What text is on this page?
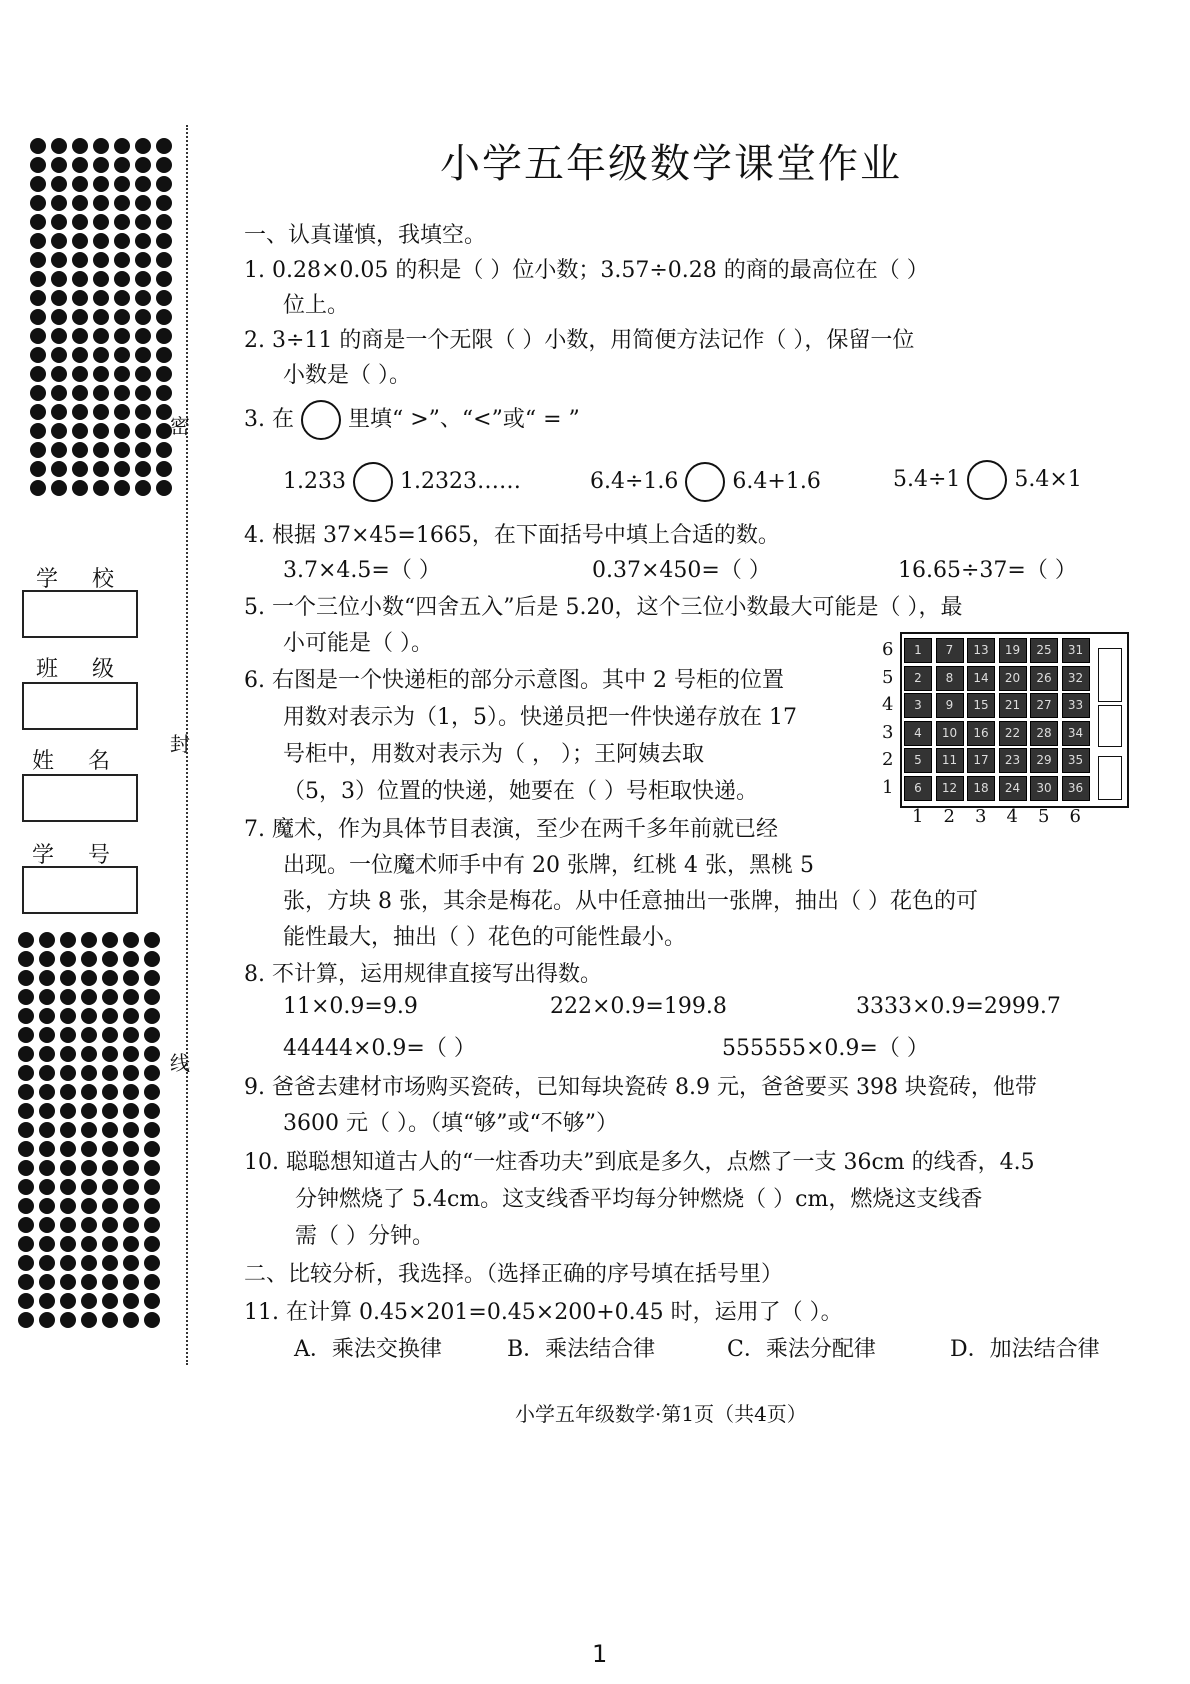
密
封
线
学校
班级
姓名
学号
小学五年级数学课堂作业
一、认真谨慎，我填空。
1. 0.28×0.05 的积是（ ）位小数；3.57÷0.28 的商的最高位在（ ）
位上。
2. 3÷11 的商是一个无限（ ）小数，用简便方法记作（ ），保留一位
小数是（ ）。
3. 在 里填“ >”、“<”或“ = ”
1.233 1.2323……	6.4÷1.6 6.4+1.6	5.4÷1 5.4×1
4. 根据 37×45=1665，在下面括号中填上合适的数。
3.7×4.5=（ ）	0.37×450=（ ）	16.65÷37=（ ）
5. 一个三位小数“四舍五入”后是 5.20，这个三位小数最大可能是（ ），最
小可能是（ ）。
6. 右图是一个快递柜的部分示意图。其中 2 号柜的位置
用数对表示为（1，5）。快递员把一件快递存放在 17
号柜中，用数对表示为（ ， ）；王阿姨去取
（5，3）位置的快递，她要在（ ）号柜取快递。
6	1	7	13	19	25	31
5	2	8	14	20	26	32
4	3	9	15	21	27	33
3	4	10	16	22	28	34
2	5	11	17	23	29	35
1	6	12	18	24	30	36
1 2 3 4 5 6
7. 魔术，作为具体节目表演，至少在两千多年前就已经
出现。一位魔术师手中有 20 张牌，红桃 4 张，黑桃 5
张，方块 8 张，其余是梅花。从中任意抽出一张牌，抽出（ ）花色的可
能性最大，抽出（ ）花色的可能性最小。
8. 不计算，运用规律直接写出得数。
11×0.9=9.9	222×0.9=199.8	3333×0.9=2999.7
44444×0.9=（ ）	555555×0.9=（ ）
9. 爸爸去建材市场购买瓷砖，已知每块瓷砖 8.9 元，爸爸要买 398 块瓷砖，他带
3600 元（ ）。（填“够”或“不够”）
10. 聪聪想知道古人的“一炷香功夫”到底是多久，点燃了一支 36cm 的线香，4.5
分钟燃烧了 5.4cm。这支线香平均每分钟燃烧（ ）cm，燃烧这支线香
需（ ）分钟。
二、比较分析，我选择。（选择正确的序号填在括号里）
11. 在计算 0.45×201=0.45×200+0.45 时，运用了（ ）。
A．乘法交换律	B．乘法结合律	C．乘法分配律	D．加法结合律
小学五年级数学·第1页（共4页）
1
